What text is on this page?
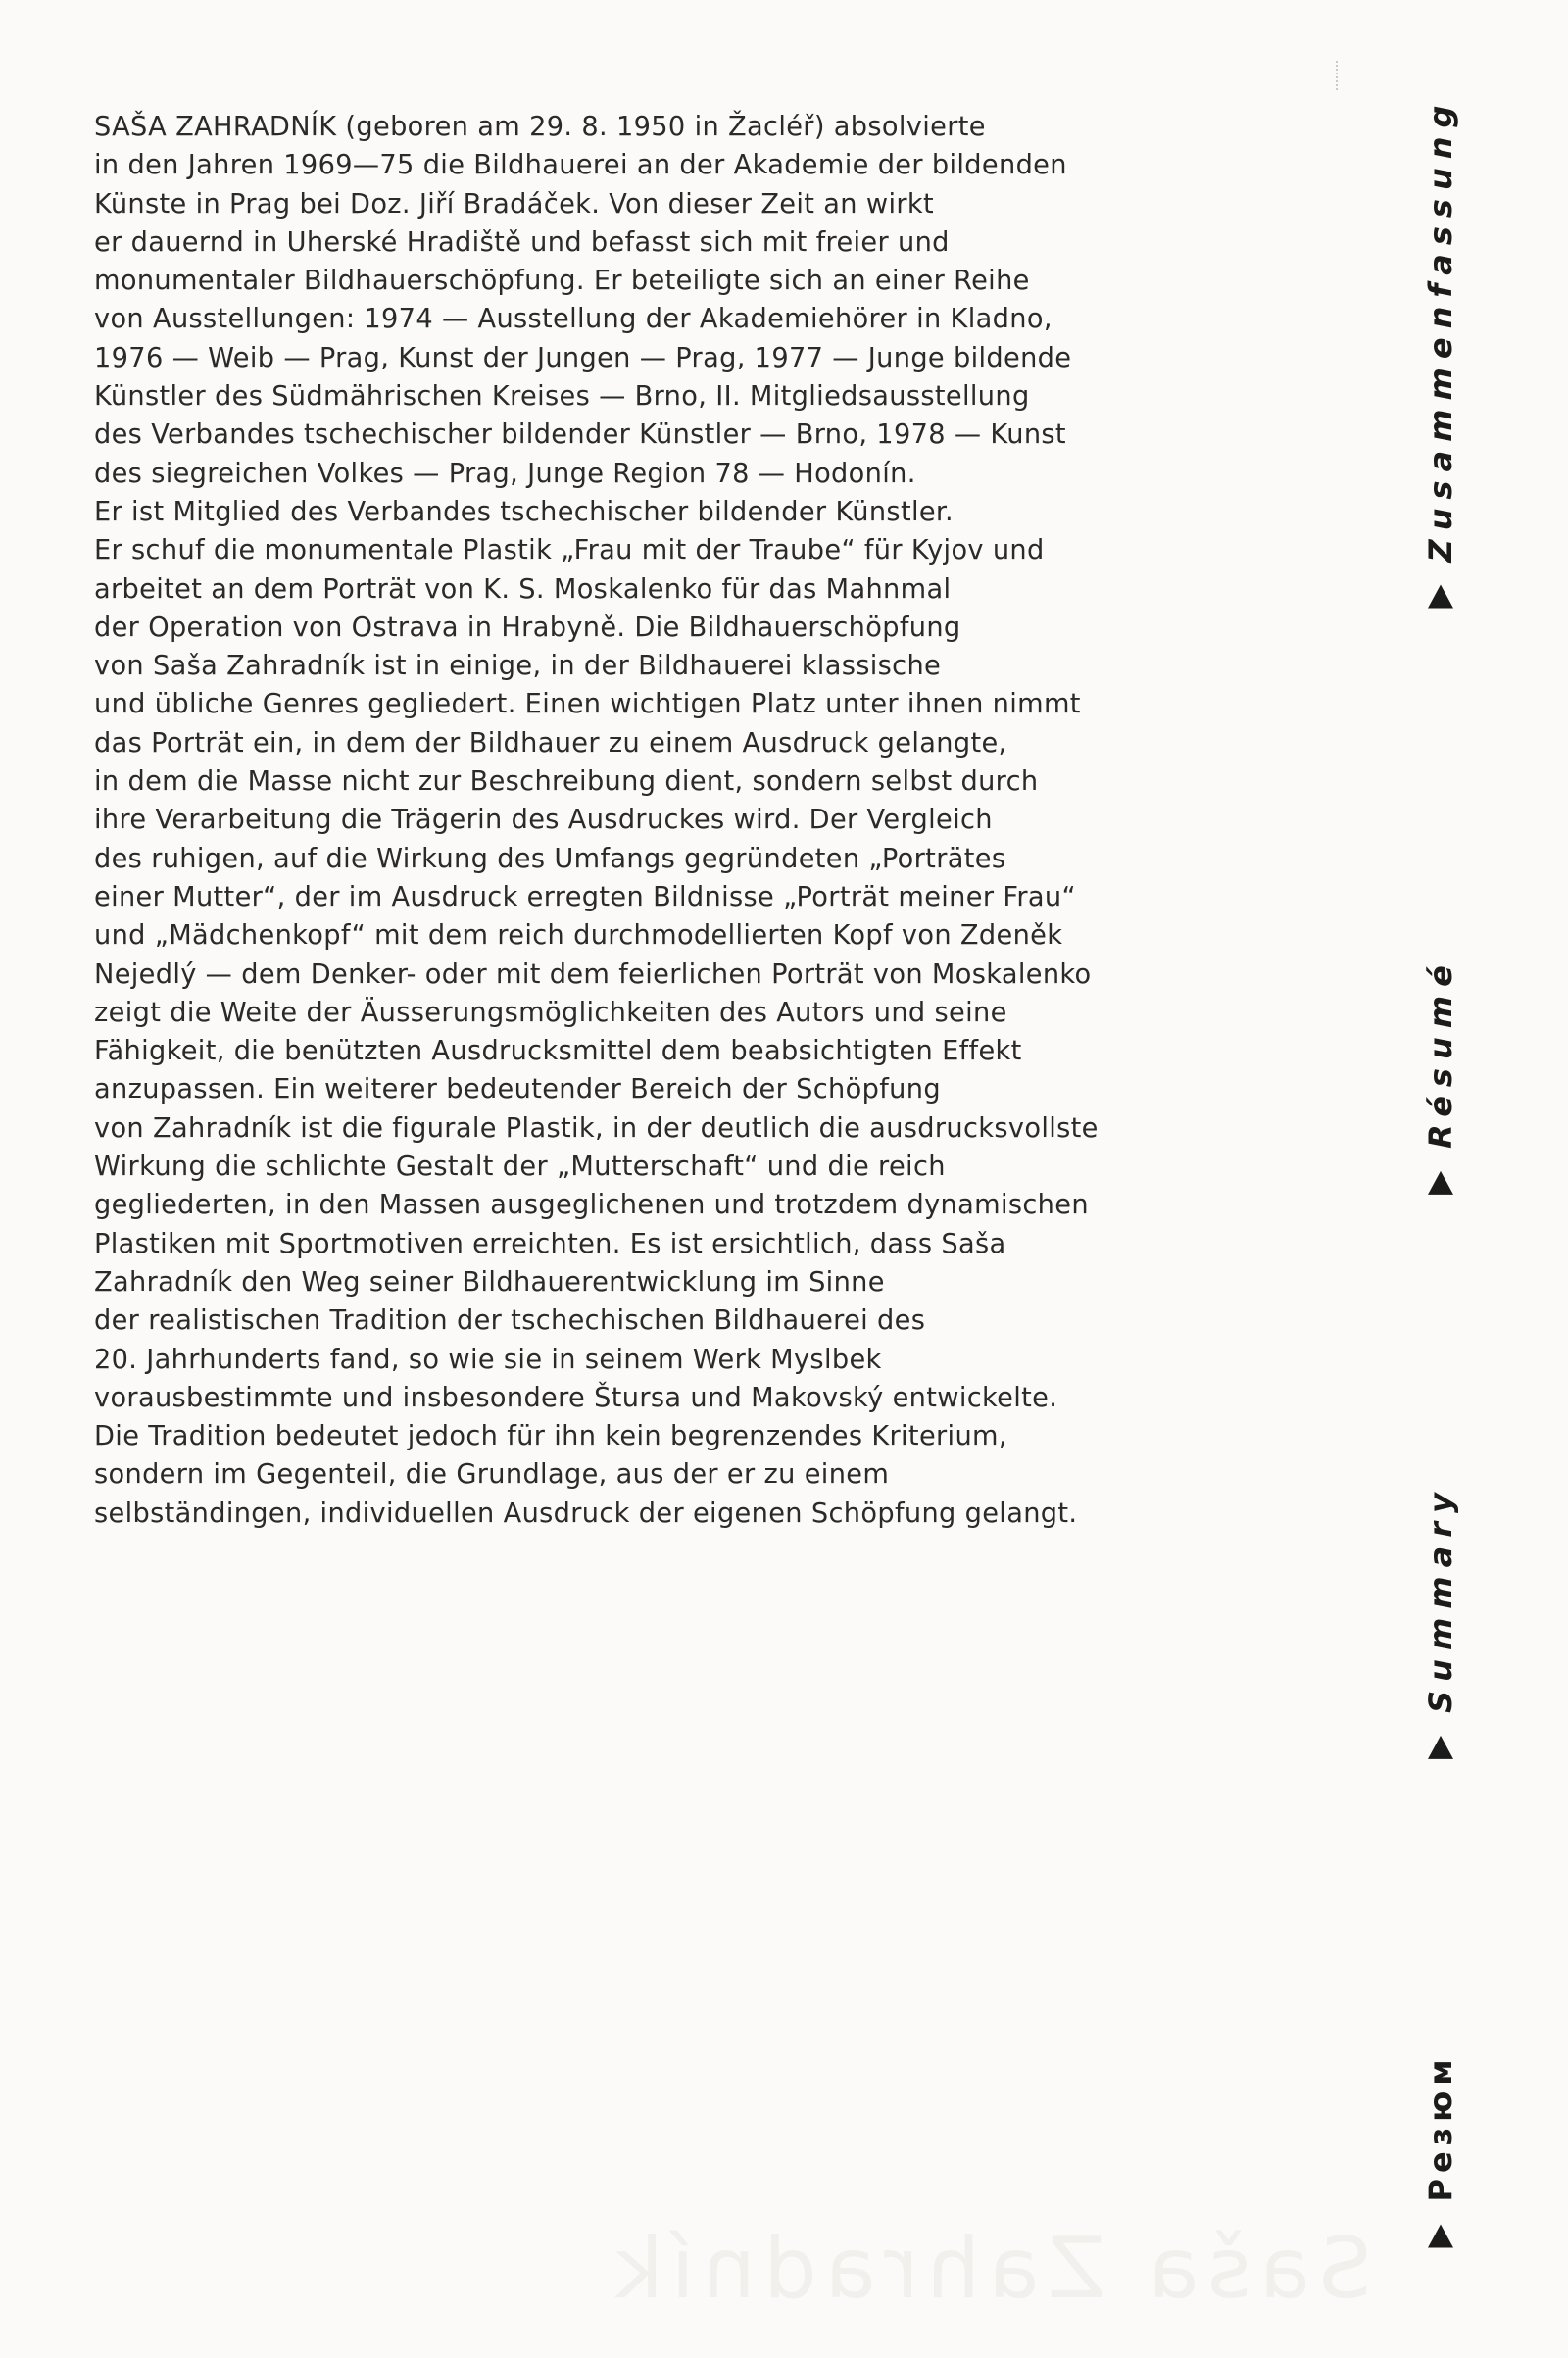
Saša Zahradník

SAŠA ZAHRADNÍK (geboren am 29. 8. 1950 in Žacléř) absolvierte
in den Jahren 1969—75 die Bildhauerei an der Akademie der bildenden
Künste in Prag bei Doz. Jiří Bradáček. Von dieser Zeit an wirkt
er dauernd in Uherské Hradiště und befasst sich mit freier und
monumentaler Bildhauerschöpfung. Er beteiligte sich an einer Reihe
von Ausstellungen: 1974 — Ausstellung der Akademiehörer in Kladno,
1976 — Weib — Prag, Kunst der Jungen — Prag, 1977 — Junge bildende
Künstler des Südmährischen Kreises — Brno, II. Mitgliedsausstellung
des Verbandes tschechischer bildender Künstler — Brno, 1978 — Kunst
des siegreichen Volkes — Prag, Junge Region 78 — Hodonín.
Er ist Mitglied des Verbandes tschechischer bildender Künstler.
Er schuf die monumentale Plastik „Frau mit der Traube“ für Kyjov und
arbeitet an dem Porträt von K. S. Moskalenko für das Mahnmal
der Operation von Ostrava in Hrabyně. Die Bildhauerschöpfung
von Saša Zahradník ist in einige, in der Bildhauerei klassische
und übliche Genres gegliedert. Einen wichtigen Platz unter ihnen nimmt
das Porträt ein, in dem der Bildhauer zu einem Ausdruck gelangte,
in dem die Masse nicht zur Beschreibung dient, sondern selbst durch
ihre Verarbeitung die Trägerin des Ausdruckes wird. Der Vergleich
des ruhigen, auf die Wirkung des Umfangs gegründeten „Porträtes
einer Mutter“, der im Ausdruck erregten Bildnisse „Porträt meiner Frau“
und „Mädchenkopf“ mit dem reich durchmodellierten Kopf von Zdeněk
Nejedlý — dem Denker- oder mit dem feierlichen Porträt von Moskalenko
zeigt die Weite der Äusserungsmöglichkeiten des Autors und seine
Fähigkeit, die benützten Ausdrucksmittel dem beabsichtigten Effekt
anzupassen. Ein weiterer bedeutender Bereich der Schöpfung
von Zahradník ist die figurale Plastik, in der deutlich die ausdrucksvollste
Wirkung die schlichte Gestalt der „Mutterschaft“ und die reich
gegliederten, in den Massen ausgeglichenen und trotzdem dynamischen
Plastiken mit Sportmotiven erreichten. Es ist ersichtlich, dass Saša
Zahradník den Weg seiner Bildhauerentwicklung im Sinne
der realistischen Tradition der tschechischen Bildhauerei des
20. Jahrhunderts fand, so wie sie in seinem Werk Myslbek
vorausbestimmte und insbesondere Štursa und Makovský entwickelte.
Die Tradition bedeutet jedoch für ihn kein begrenzendes Kriterium,
sondern im Gegenteil, die Grundlage, aus der er zu einem
selbständingen, individuellen Ausdruck der eigenen Schöpfung gelangt.

Zusammenfassung
Résumé
Summary
Резюм
